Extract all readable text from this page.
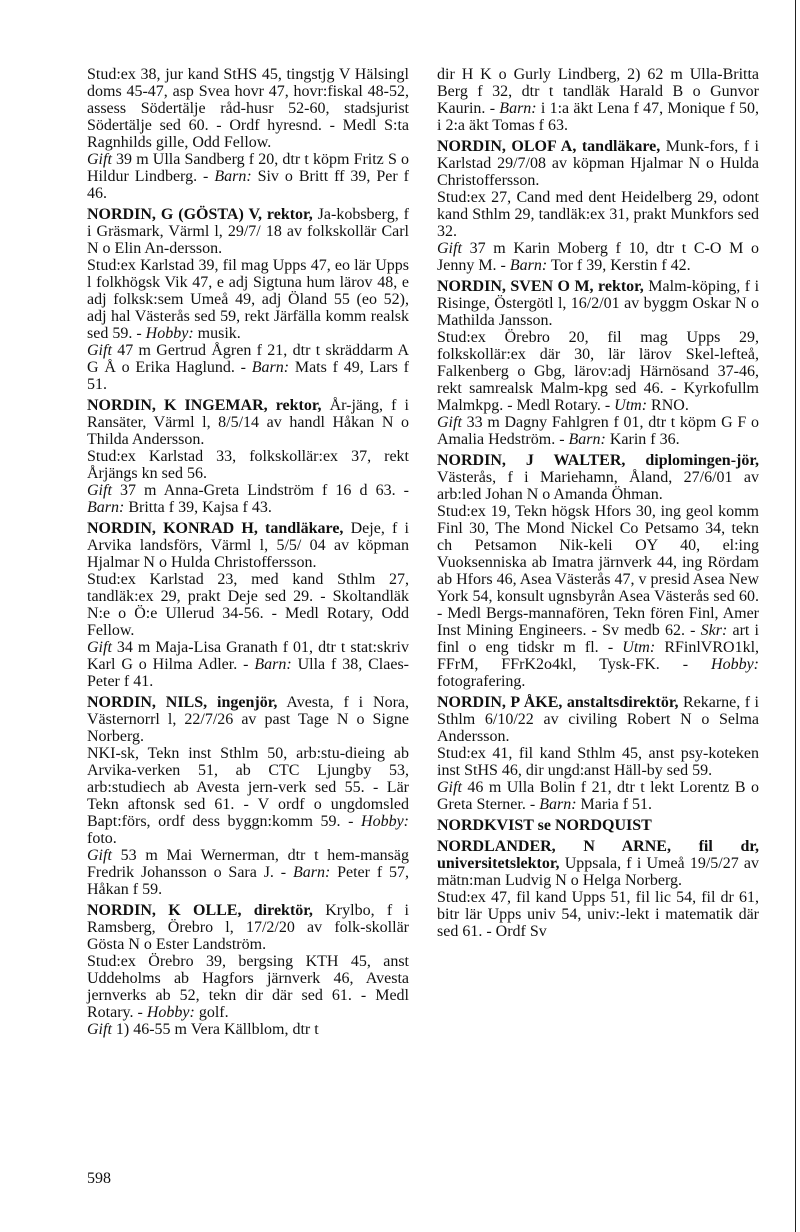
Stud:ex 38, jur kand StHS 45, tingstjg V Hälsingl doms 45-47, asp Svea hovr 47, hovr:fiskal 48-52, assess Södertälje råd-husr 52-60, stadsjurist Södertälje sed 60. - Ordf hyresnd. - Medl S:ta Ragnhilds gille, Odd Fellow.

Gift 39 m Ulla Sandberg f 20, dtr t köpm Fritz S o Hildur Lindberg. - Barn: Siv o Britt ff 39, Per f 46.

NORDIN, G (GÖSTA) V, rektor, Ja-kobsberg, f i Gräsmark, Värml l, 29/7/ 18 av folkskollär Carl N o Elin An-dersson.

Stud:ex Karlstad 39, fil mag Upps 47, eo lär Upps l folkhögsk Vik 47, e adj Sigtuna hum lärov 48, e adj folksk:sem Umeå 49, adj Öland 55 (eo 52), adj hal Västerås sed 59, rekt Järfälla komm realsk sed 59. - Hobby: musik.

Gift 47 m Gertrud Ågren f 21, dtr t skräddarm A G Å o Erika Haglund. - Barn: Mats f 49, Lars f 51.

NORDIN, K INGEMAR, rektor, År-jäng, f i Ransäter, Värml l, 8/5/14 av handl Håkan N o Thilda Andersson.

Stud:ex Karlstad 33, folkskollär:ex 37, rekt Årjängs kn sed 56.

Gift 37 m Anna-Greta Lindström f 16 d 63. - Barn: Britta f 39, Kajsa f 43.

NORDIN, KONRAD H, tandläkare, Deje, f i Arvika landsförs, Värml l, 5/5/ 04 av köpman Hjalmar N o Hulda Christoffersson.

Stud:ex Karlstad 23, med kand Sthlm 27, tandläk:ex 29, prakt Deje sed 29. - Skoltandläk N:e o Ö:e Ullerud 34-56. - Medl Rotary, Odd Fellow.

Gift 34 m Maja-Lisa Granath f 01, dtr t stat:skriv Karl G o Hilma Adler. - Barn: Ulla f 38, Claes-Peter f 41.

NORDIN, NILS, ingenjör, Avesta, f i Nora, Västernorrl l, 22/7/26 av past Tage N o Signe Norberg.

NKI-sk, Tekn inst Sthlm 50, arb:stu-dieing ab Arvika-verken 51, ab CTC Ljungby 53, arb:studiech ab Avesta jern-verk sed 55. - Lär Tekn aftonsk sed 61. - V ordf o ungdomsled Bapt:förs, ordf dess byggn:komm 59. - Hobby: foto.

Gift 53 m Mai Wernerman, dtr t hem-mansäg Fredrik Johansson o Sara J. - Barn: Peter f 57, Håkan f 59.

NORDIN, K OLLE, direktör, Krylbo, f i Ramsberg, Örebro l, 17/2/20 av folk-skollär Gösta N o Ester Landström.

Stud:ex Örebro 39, bergsing KTH 45, anst Uddeholms ab Hagfors järnverk 46, Avesta jernverks ab 52, tekn dir där sed 61. - Medl Rotary. - Hobby: golf.

Gift 1) 46-55 m Vera Källblom, dtr t

dir H K o Gurly Lindberg, 2) 62 m Ulla-Britta Berg f 32, dtr t tandläk Harald B o Gunvor Kaurin. - Barn: i 1:a äkt Lena f 47, Monique f 50, i 2:a äkt Tomas f 63.

NORDIN, OLOF A, tandläkare, Munk-fors, f i Karlstad 29/7/08 av köpman Hjalmar N o Hulda Christoffersson.

Stud:ex 27, Cand med dent Heidelberg 29, odont kand Sthlm 29, tandläk:ex 31, prakt Munkfors sed 32.

Gift 37 m Karin Moberg f 10, dtr t C-O M o Jenny M. - Barn: Tor f 39, Kerstin f 42.

NORDIN, SVEN O M, rektor, Malm-köping, f i Risinge, Östergötl l, 16/2/01 av byggm Oskar N o Mathilda Jansson.

Stud:ex Örebro 20, fil mag Upps 29, folkskollär:ex där 30, lär lärov Skel-lefteå, Falkenberg o Gbg, lärov:adj Härnösand 37-46, rekt samrealsk Malm-kpg sed 46. - Kyrkofullm Malmkpg. - Medl Rotary. - Utm: RNO.

Gift 33 m Dagny Fahlgren f 01, dtr t köpm G F o Amalia Hedström. - Barn: Karin f 36.

NORDIN, J WALTER, diplomingen-jör, Västerås, f i Mariehamn, Åland, 27/6/01 av arb:led Johan N o Amanda Öhman.

Stud:ex 19, Tekn högsk Hfors 30, ing geol komm Finl 30, The Mond Nickel Co Petsamo 34, tekn ch Petsamon Nik-keli OY 40, el:ing Vuoksenniska ab Imatra järnverk 44, ing Rördam ab Hfors 46, Asea Västerås 47, v presid Asea New York 54, konsult ugnsbyrån Asea Västerås sed 60. - Medl Bergs-mannafören, Tekn fören Finl, Amer Inst Mining Engineers. - Sv medb 62. - Skr: art i finl o eng tidskr m fl. - Utm: RFinlVRO1kl, FFrM, FFrK2o4kl, Tysk-FK. - Hobby: fotografering.

NORDIN, P ÅKE, anstaltsdirektör, Rekarne, f i Sthlm 6/10/22 av civiling Robert N o Selma Andersson.

Stud:ex 41, fil kand Sthlm 45, anst psy-koteken inst StHS 46, dir ungd:anst Häll-by sed 59.

Gift 46 m Ulla Bolin f 21, dtr t lekt Lorentz B o Greta Sterner. - Barn: Maria f 51.

NORDKVIST se NORDQUIST

NORDLANDER, N ARNE, fil dr, universitetslektor, Uppsala, f i Umeå 19/5/27 av mätn:man Ludvig N o Helga Norberg.

Stud:ex 47, fil kand Upps 51, fil lic 54, fil dr 61, bitr lär Upps univ 54, univ:-lekt i matematik där sed 61. - Ordf Sv

598
